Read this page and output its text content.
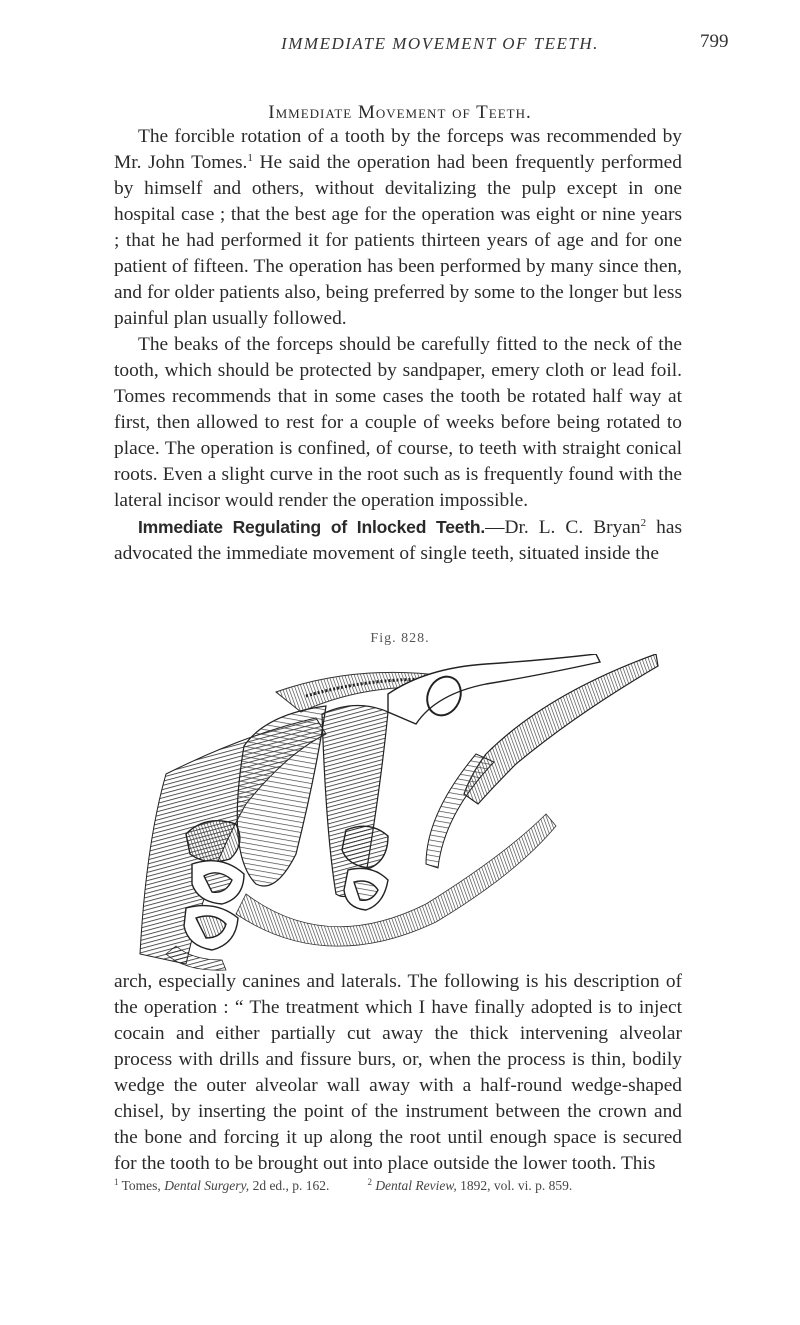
IMMEDIATE MOVEMENT OF TEETH.	799
Immediate Movement of Teeth.

The forcible rotation of a tooth by the forceps was recommended by Mr. John Tomes.$^1$ He said the operation had been frequently performed by himself and others, without devitalizing the pulp except in one hospital case ; that the best age for the operation was eight or nine years ; that he had performed it for patients thirteen years of age and for one patient of fifteen. The operation has been performed by many since then, and for older patients also, being preferred by some to the longer but less painful plan usually followed.

The beaks of the forceps should be carefully fitted to the neck of the tooth, which should be protected by sandpaper, emery cloth or lead foil. Tomes recommends that in some cases the tooth be rotated half way at first, then allowed to rest for a couple of weeks before being rotated to place. The operation is confined, of course, to teeth with straight conical roots. Even a slight curve in the root such as is frequently found with the lateral incisor would render the operation impossible.

Immediate Regulating of Inlocked Teeth.—Dr. L. C. Bryan$^2$ has advocated the immediate movement of single teeth, situated inside the

Fig. 828.

arch, especially canines and laterals. The following is his description of the operation : “ The treatment which I have finally adopted is to inject cocain and either partially cut away the thick intervening alveolar process with drills and fissure burs, or, when the process is thin, bodily wedge the outer alveolar wall away with a half-round wedge-shaped chisel, by inserting the point of the instrument between the crown and the bone and forcing it up along the root until enough space is secured for the tooth to be brought out into place outside the lower tooth. This

$^1$ Tomes, Dental Surgery, 2d ed., p. 162.	$^2$ Dental Review, 1892, vol. vi. p. 859.
